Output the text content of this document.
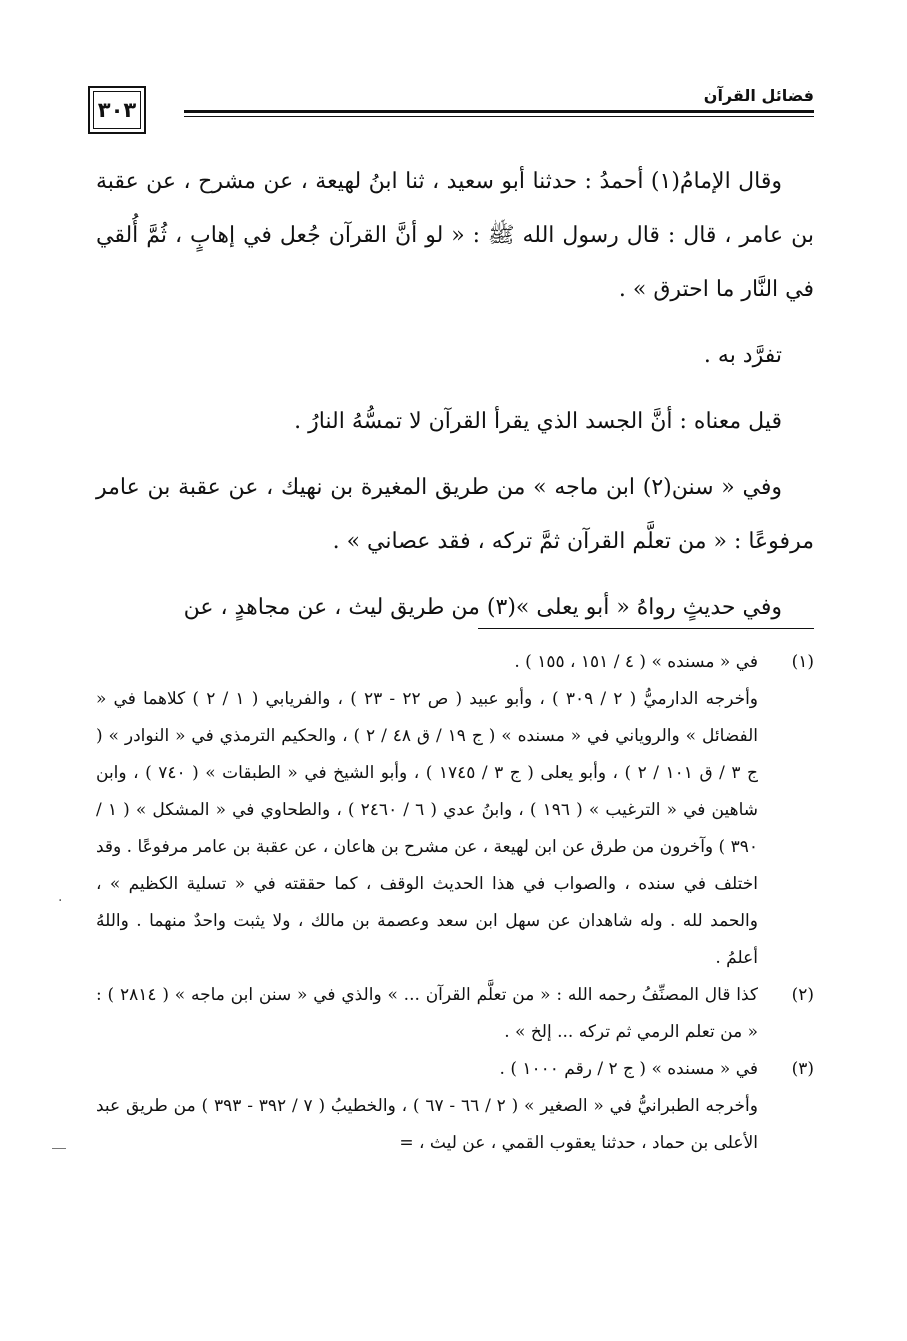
٣٠٣
فضائل القرآن

وقال الإمامُ(١) أحمدُ : حدثنا أبو سعيد ، ثنا ابنُ لهيعة ، عن مشرح ، عن عقبة بن عامر ، قال : قال رسول الله ﷺ : « لو أنَّ القرآن جُعل في إهابٍ ، ثُمَّ أُلقي في النَّار ما احترق » .

تفرَّد به .

قيل معناه : أنَّ الجسد الذي يقرأ القرآن لا تمسُّهُ النارُ .

وفي « سنن(٢) ابن ماجه » من طريق المغيرة بن نهيك ، عن عقبة بن عامر مرفوعًا : « من تعلَّم القرآن ثمَّ تركه ، فقد عصاني » .

وفي حديثٍ رواهُ « أبو يعلى »(٣) من طريق ليث ، عن مجاهدٍ ، عن

(١)

في « مسنده » ( ٤ / ١٥١ ، ١٥٥ ) .

وأخرجه الدارميُّ ( ٢ / ٣٠٩ ) ، وأبو عبيد ( ص ٢٢ - ٢٣ ) ، والفريابي ( ١ / ٢ ) كلاهما في « الفضائل » والروياني في « مسنده » ( ج ١٩ / ق ٤٨ / ٢ ) ، والحكيم الترمذي في « النوادر » ( ج ٣ / ق ١٠١ / ٢ ) ، وأبو يعلى ( ج ٣ / ١٧٤٥ ) ، وأبو الشيخ في « الطبقات » ( ٧٤٠ ) ، وابن شاهين في « الترغيب » ( ١٩٦ ) ، وابنُ عدي ( ٦ / ٢٤٦٠ ) ، والطحاوي في « المشكل » ( ١ / ٣٩٠ ) وآخرون من طرق عن ابن لهيعة ، عن مشرح بن هاعان ، عن عقبة بن عامر مرفوعًا . وقد اختلف في سنده ، والصواب في هذا الحديث الوقف ، كما حققته في « تسلية الكظيم » ، والحمد لله . وله شاهدان عن سهل ابن سعد وعصمة بن مالك ، ولا يثبت واحدٌ منهما . واللهُ أعلمُ .

(٢)

كذا قال المصنِّفُ رحمه الله : « من تعلَّم القرآن ... » والذي في « سنن ابن ماجه » ( ٢٨١٤ ) : « من تعلم الرمي ثم تركه ... إلخ » .

(٣)

في « مسنده » ( ج ٢ / رقم ١٠٠٠ ) .

وأخرجه الطبرانيُّ في « الصغير » ( ٢ / ٦٦ - ٦٧ ) ، والخطيبُ ( ٧ / ٣٩٢ - ٣٩٣ ) من طريق عبد الأعلى بن حماد ، حدثنا يعقوب القمي ، عن ليث ، =

·
